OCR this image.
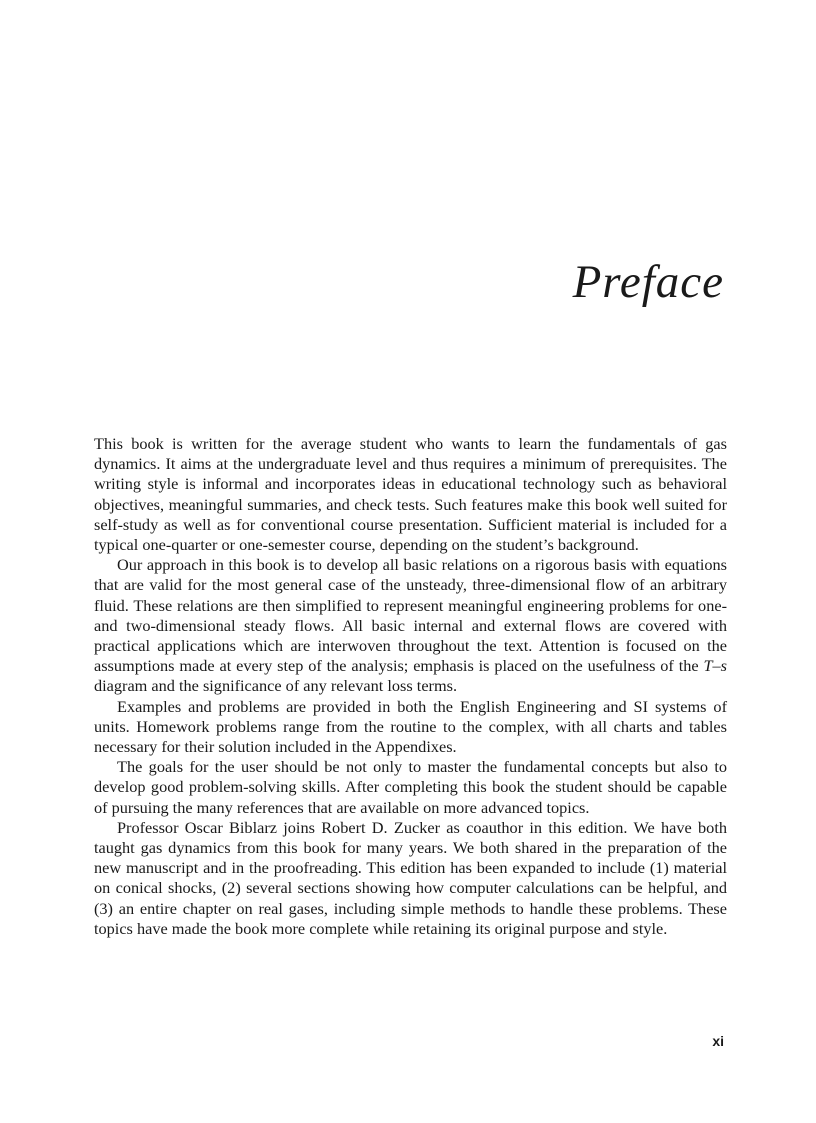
Preface

This book is written for the average student who wants to learn the fundamentals of gas dynamics. It aims at the undergraduate level and thus requires a minimum of prerequisites. The writing style is informal and incorporates ideas in educational technology such as behavioral objectives, meaningful summaries, and check tests. Such features make this book well suited for self-study as well as for conventional course presentation. Sufficient material is included for a typical one-quarter or one-semester course, depending on the student’s background.

Our approach in this book is to develop all basic relations on a rigorous basis with equations that are valid for the most general case of the unsteady, three-dimensional flow of an arbitrary fluid. These relations are then simplified to represent meaningful engineering problems for one- and two-dimensional steady flows. All basic internal and external flows are covered with practical applications which are interwoven throughout the text. Attention is focused on the assumptions made at every step of the analysis; emphasis is placed on the usefulness of the T–s diagram and the significance of any relevant loss terms.

Examples and problems are provided in both the English Engineering and SI systems of units. Homework problems range from the routine to the complex, with all charts and tables necessary for their solution included in the Appendixes.

The goals for the user should be not only to master the fundamental concepts but also to develop good problem-solving skills. After completing this book the student should be capable of pursuing the many references that are available on more advanced topics.

Professor Oscar Biblarz joins Robert D. Zucker as coauthor in this edition. We have both taught gas dynamics from this book for many years. We both shared in the preparation of the new manuscript and in the proofreading. This edition has been expanded to include (1) material on conical shocks, (2) several sections showing how computer calculations can be helpful, and (3) an entire chapter on real gases, including simple methods to handle these problems. These topics have made the book more complete while retaining its original purpose and style.

xi
